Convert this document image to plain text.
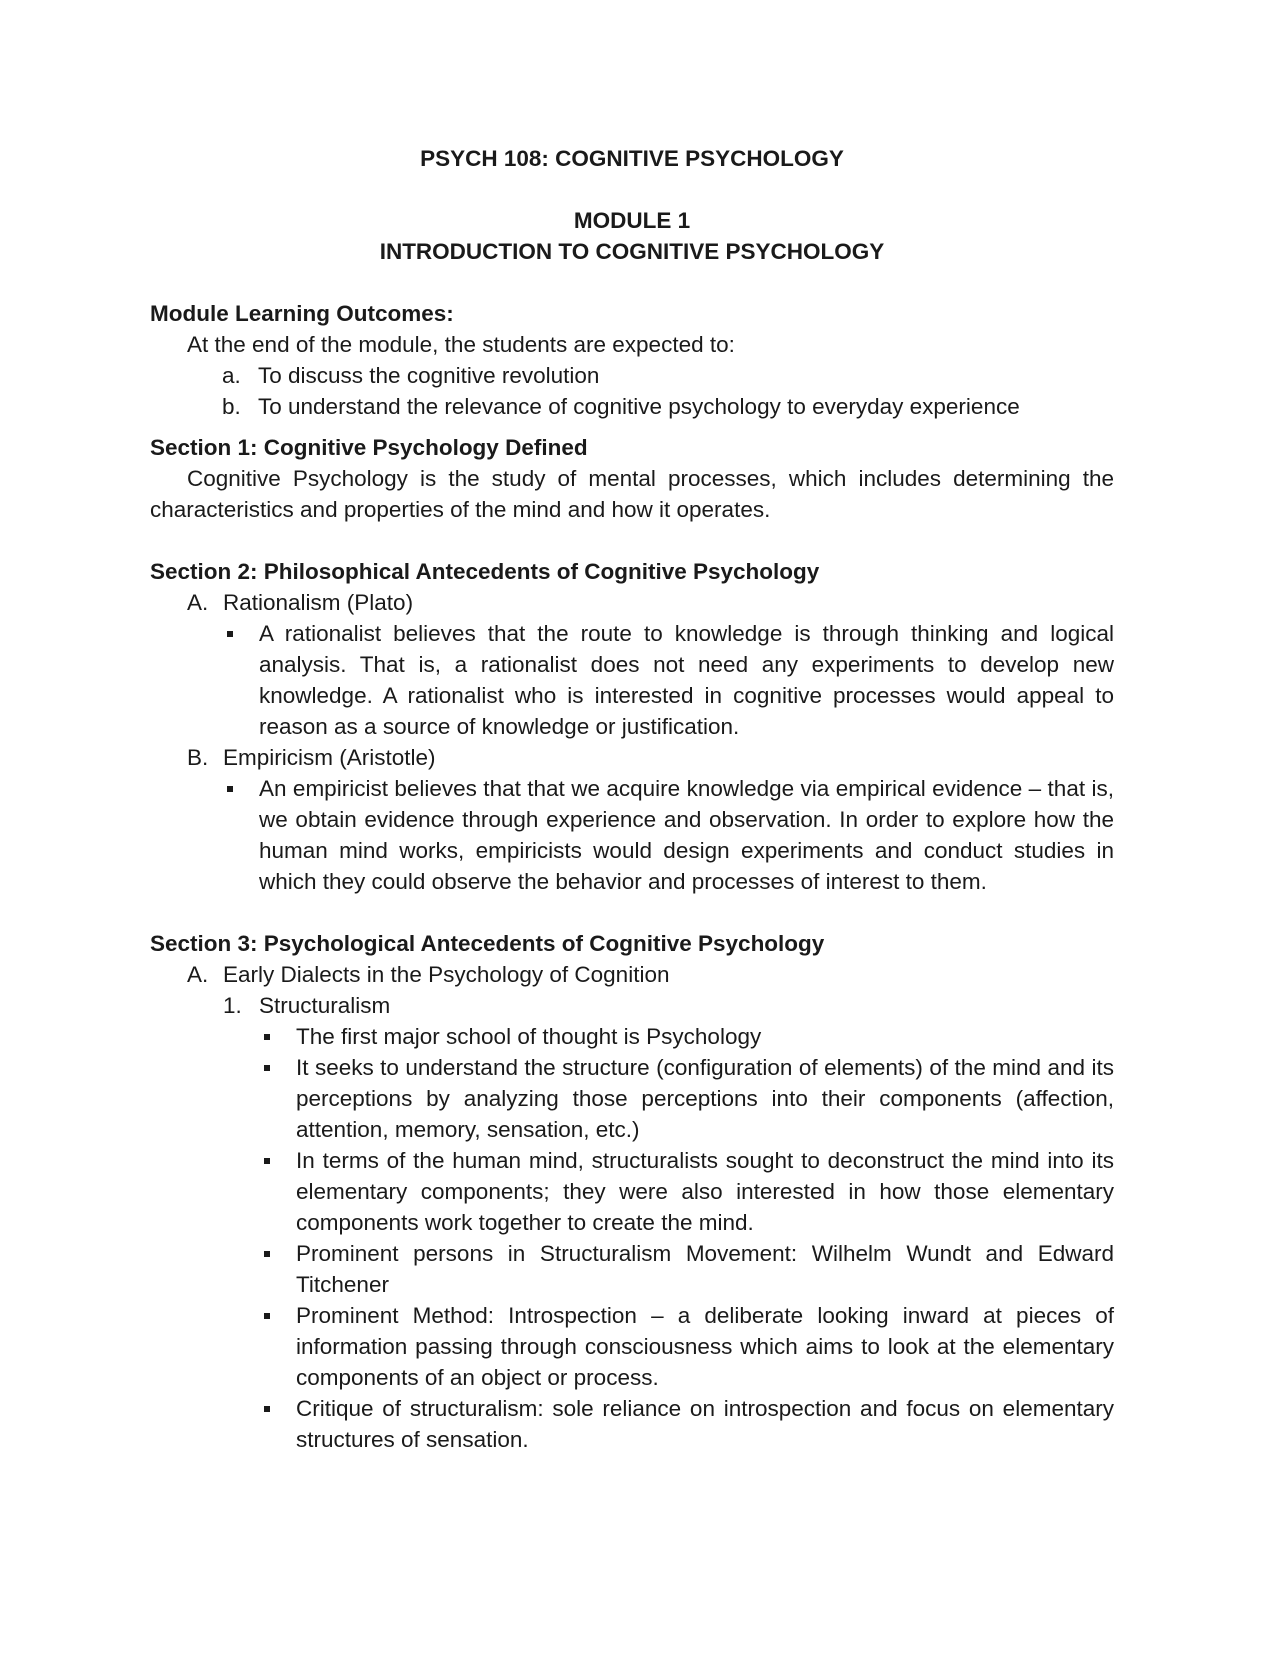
PSYCH 108: COGNITIVE PSYCHOLOGY
MODULE 1
INTRODUCTION TO COGNITIVE PSYCHOLOGY
Module Learning Outcomes:
At the end of the module, the students are expected to:
a. To discuss the cognitive revolution
b. To understand the relevance of cognitive psychology to everyday experience
Section 1: Cognitive Psychology Defined
Cognitive Psychology is the study of mental processes, which includes determining the characteristics and properties of the mind and how it operates.
Section 2: Philosophical Antecedents of Cognitive Psychology
A. Rationalism (Plato)
A rationalist believes that the route to knowledge is through thinking and logical analysis. That is, a rationalist does not need any experiments to develop new knowledge. A rationalist who is interested in cognitive processes would appeal to reason as a source of knowledge or justification.
B. Empiricism (Aristotle)
An empiricist believes that that we acquire knowledge via empirical evidence – that is, we obtain evidence through experience and observation. In order to explore how the human mind works, empiricists would design experiments and conduct studies in which they could observe the behavior and processes of interest to them.
Section 3: Psychological Antecedents of Cognitive Psychology
A. Early Dialects in the Psychology of Cognition
1. Structuralism
The first major school of thought is Psychology
It seeks to understand the structure (configuration of elements) of the mind and its perceptions by analyzing those perceptions into their components (affection, attention, memory, sensation, etc.)
In terms of the human mind, structuralists sought to deconstruct the mind into its elementary components; they were also interested in how those elementary components work together to create the mind.
Prominent persons in Structuralism Movement: Wilhelm Wundt and Edward Titchener
Prominent Method: Introspection – a deliberate looking inward at pieces of information passing through consciousness which aims to look at the elementary components of an object or process.
Critique of structuralism: sole reliance on introspection and focus on elementary structures of sensation.
